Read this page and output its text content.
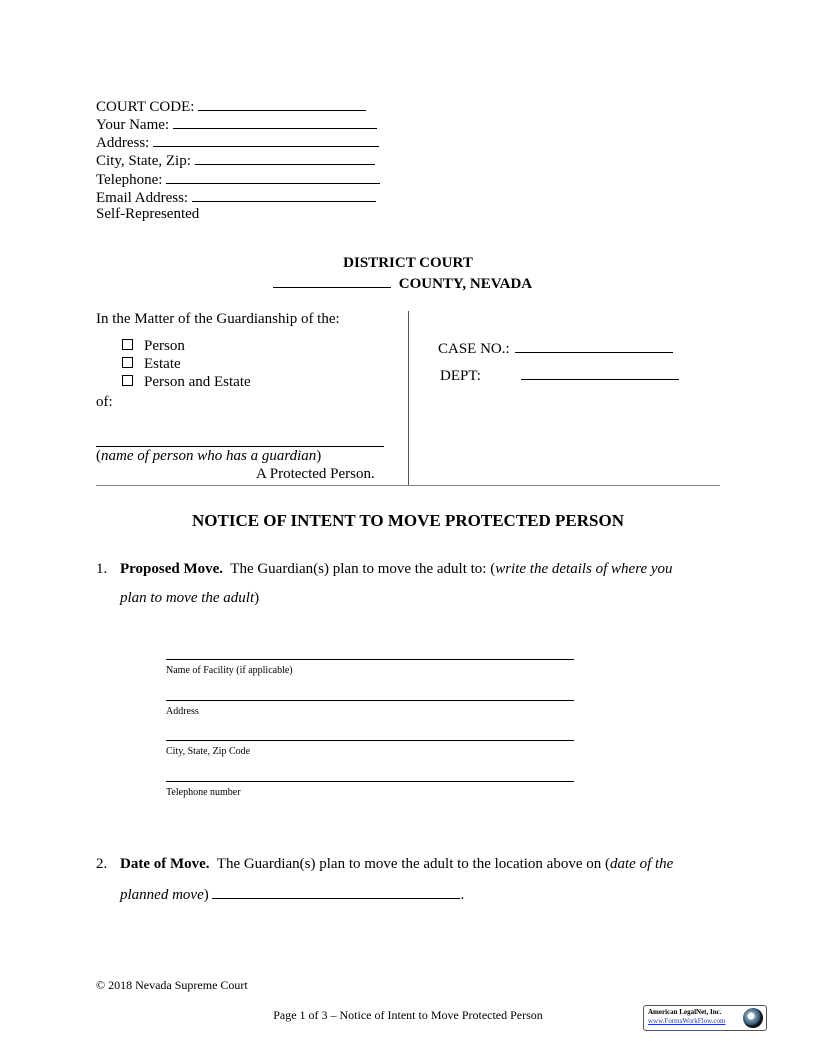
COURT CODE:
Your Name:
Address:
City, State, Zip:
Telephone:
Email Address:
Self-Represented
DISTRICT COURT
COUNTY, NEVADA
In the Matter of the Guardianship of the:
Person
Estate
Person and Estate
of:
(name of person who has a guardian)
A Protected Person.
CASE NO.:
DEPT:
NOTICE OF INTENT TO MOVE PROTECTED PERSON
1. Proposed Move. The Guardian(s) plan to move the adult to: (write the details of where you
plan to move the adult)
Name of Facility (if applicable)
Address
City, State, Zip Code
Telephone number
2. Date of Move. The Guardian(s) plan to move the adult to the location above on (date of the
planned move)	.
© 2018 Nevada Supreme Court
Page 1 of 3 – Notice of Intent to Move Protected Person	American LegalNet, Inc.
www.FormsWorkFlow.com
